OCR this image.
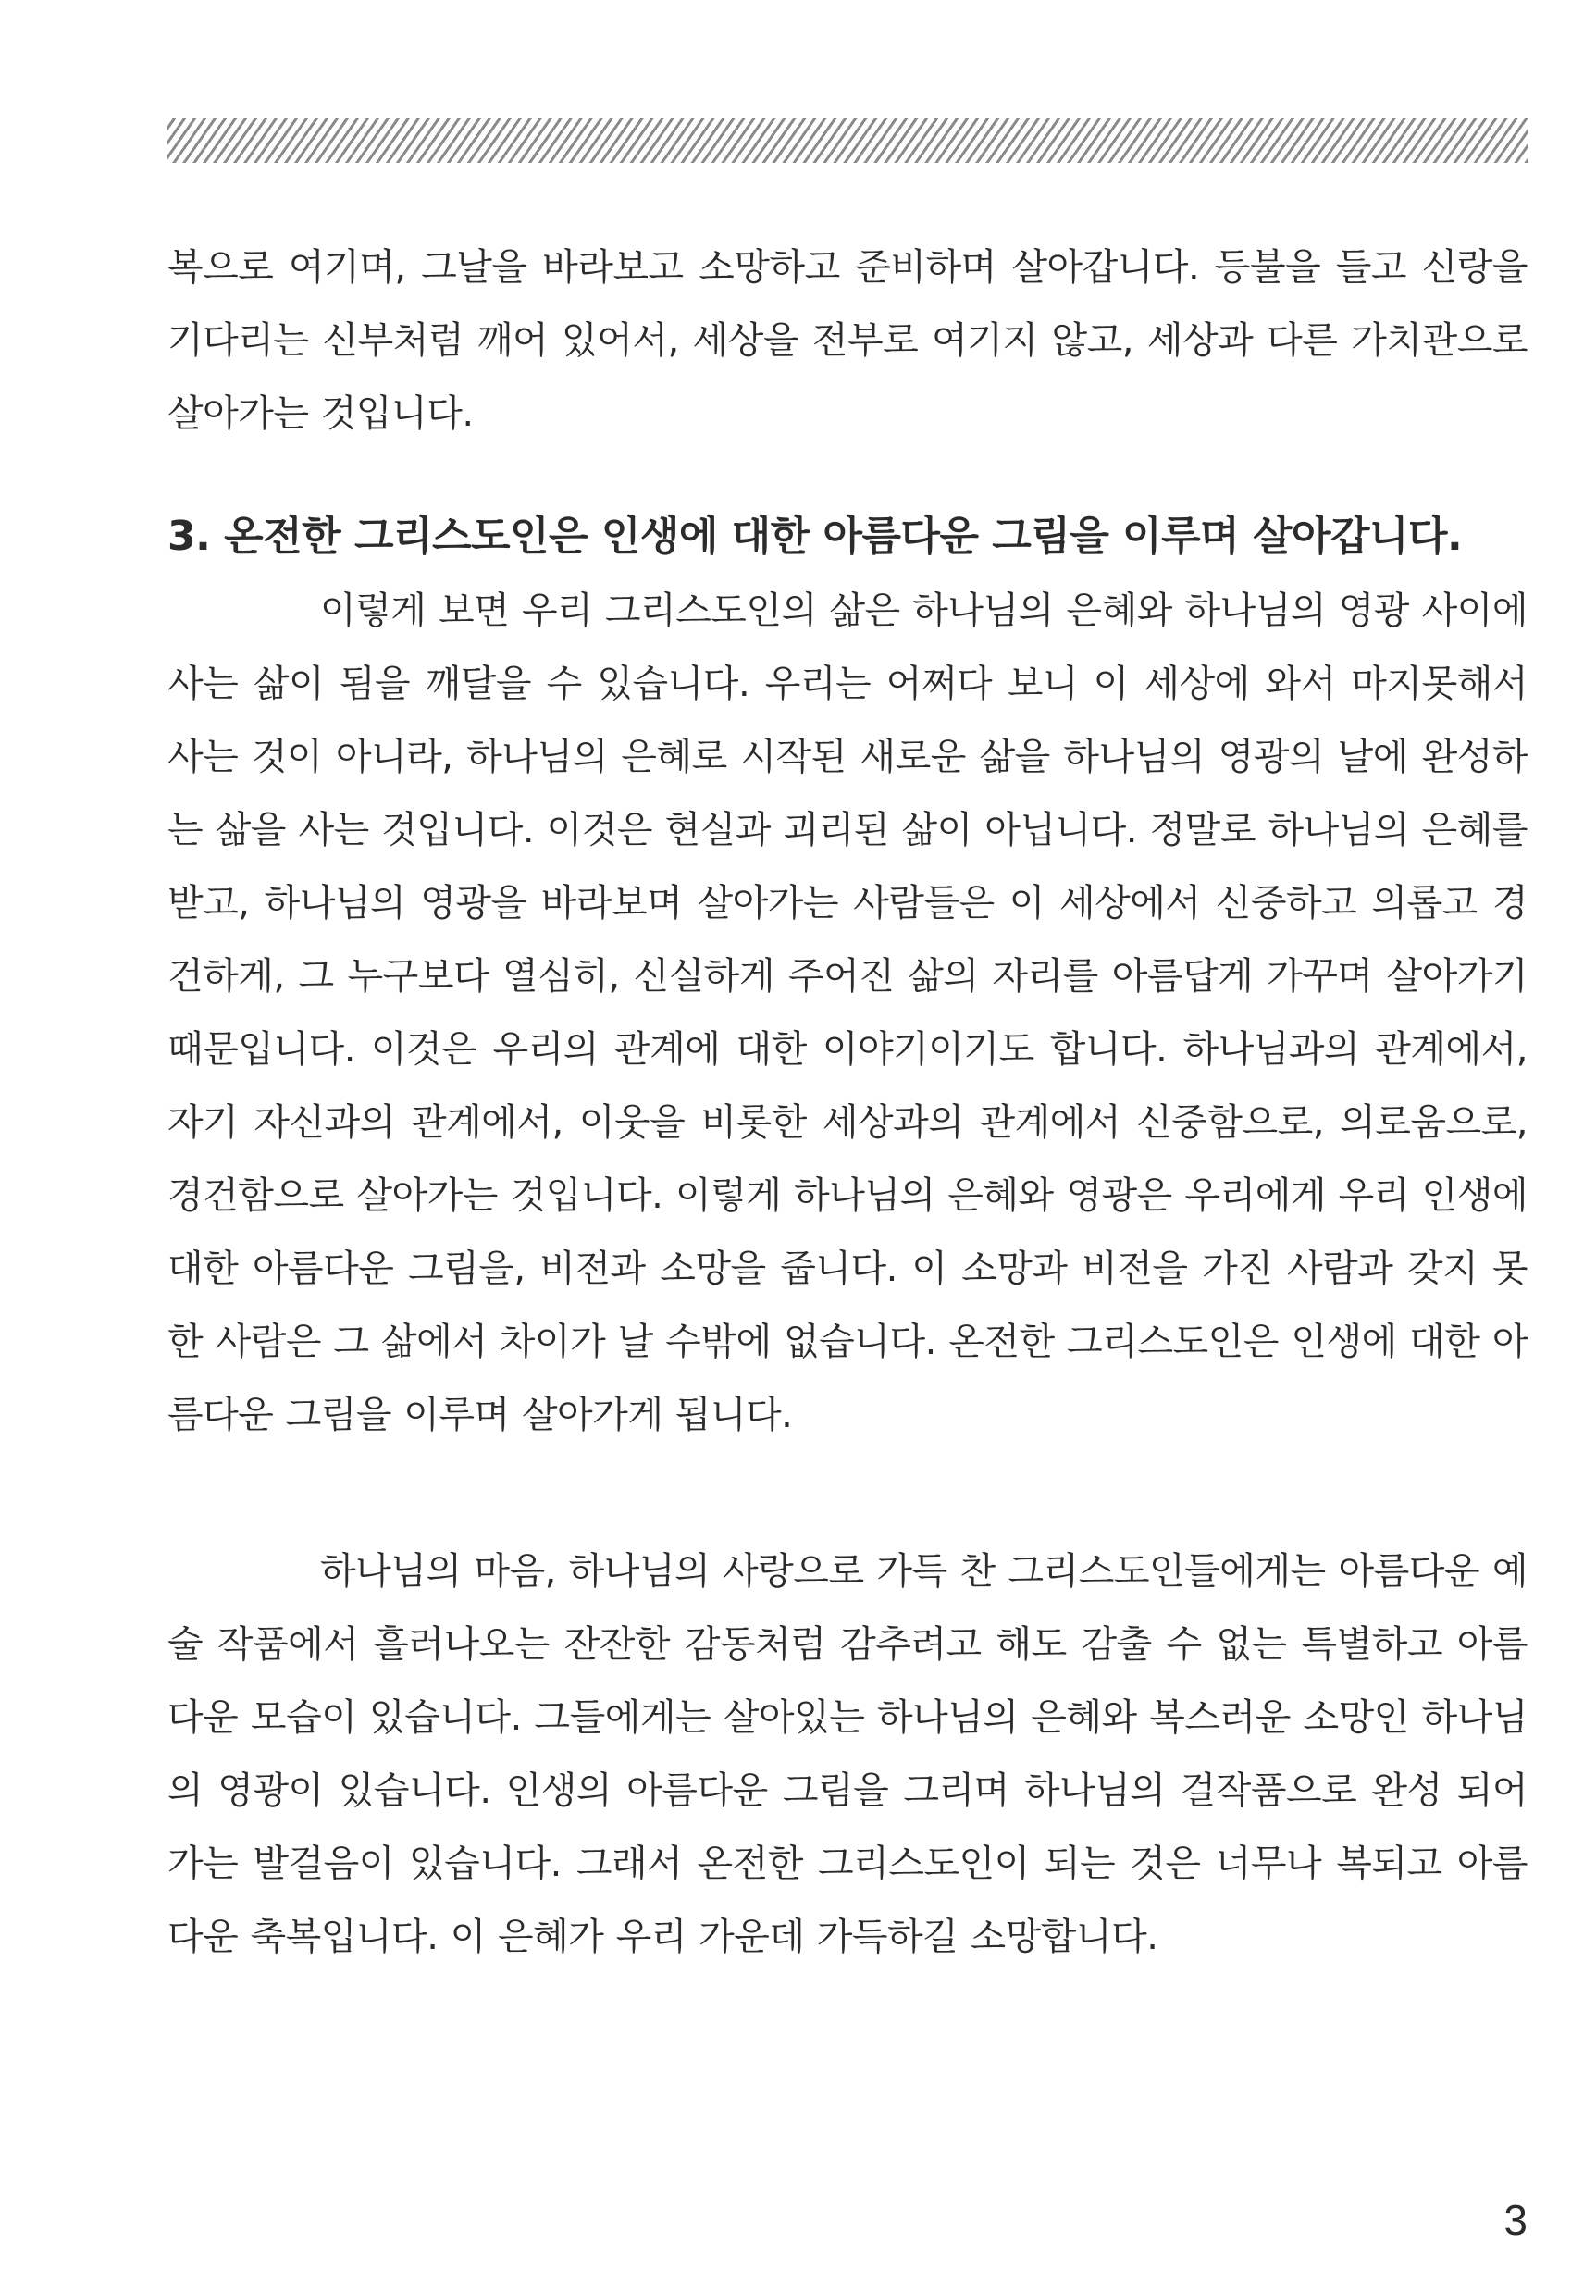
복으로 여기며, 그날을 바라보고 소망하고 준비하며 살아갑니다. 등불을 들고 신랑을 기다리는 신부처럼 깨어 있어서, 세상을 전부로 여기지 않고, 세상과 다른 가치관으로 살아가는 것입니다.

3. 온전한 그리스도인은 인생에 대한 아름다운 그림을 이루며 살아갑니다.

이렇게 보면 우리 그리스도인의 삶은 하나님의 은혜와 하나님의 영광 사이에 사는 삶이 됨을 깨달을 수 있습니다. 우리는 어쩌다 보니 이 세상에 와서 마지못해서 사는 것이 아니라, 하나님의 은혜로 시작된 새로운 삶을 하나님의 영광의 날에 완성하는 삶을 사는 것입니다. 이것은 현실과 괴리된 삶이 아닙니다. 정말로 하나님의 은혜를 받고, 하나님의 영광을 바라보며 살아가는 사람들은 이 세상에서 신중하고 의롭고 경건하게, 그 누구보다 열심히, 신실하게 주어진 삶의 자리를 아름답게 가꾸며 살아가기 때문입니다. 이것은 우리의 관계에 대한 이야기이기도 합니다. 하나님과의 관계에서, 자기 자신과의 관계에서, 이웃을 비롯한 세상과의 관계에서 신중함으로, 의로움으로, 경건함으로 살아가는 것입니다. 이렇게 하나님의 은혜와 영광은 우리에게 우리 인생에 대한 아름다운 그림을, 비전과 소망을 줍니다. 이 소망과 비전을 가진 사람과 갖지 못한 사람은 그 삶에서 차이가 날 수밖에 없습니다. 온전한 그리스도인은 인생에 대한 아름다운 그림을 이루며 살아가게 됩니다.

하나님의 마음, 하나님의 사랑으로 가득 찬 그리스도인들에게는 아름다운 예술 작품에서 흘러나오는 잔잔한 감동처럼 감추려고 해도 감출 수 없는 특별하고 아름다운 모습이 있습니다. 그들에게는 살아있는 하나님의 은혜와 복스러운 소망인 하나님의 영광이 있습니다. 인생의 아름다운 그림을 그리며 하나님의 걸작품으로 완성 되어가는 발걸음이 있습니다. 그래서 온전한 그리스도인이 되는 것은 너무나 복되고 아름다운 축복입니다. 이 은혜가 우리 가운데 가득하길 소망합니다.

3
